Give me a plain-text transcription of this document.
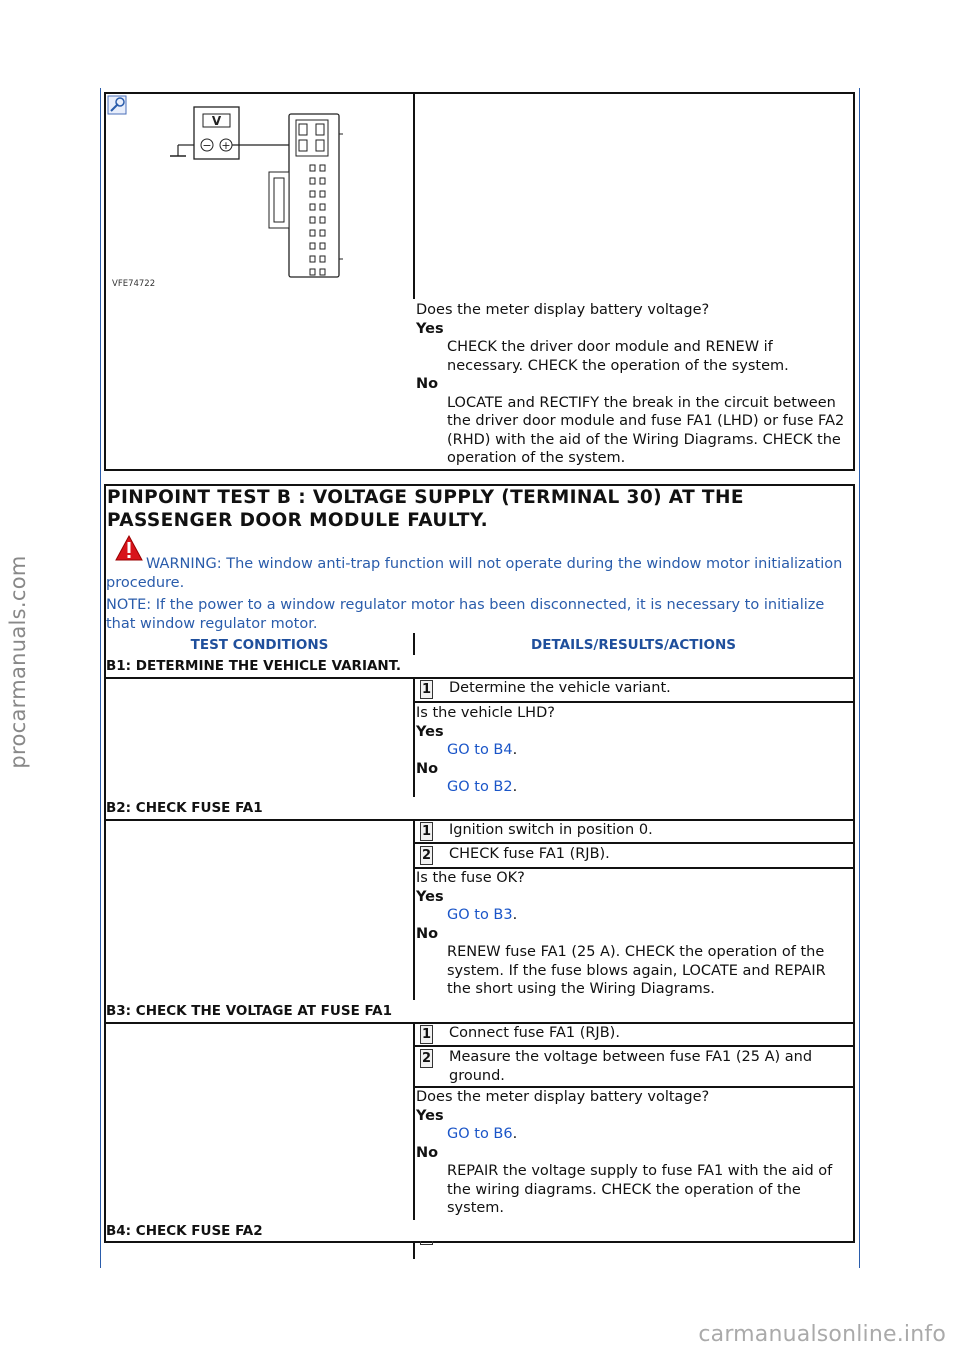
procarmanuals.com
carmanualsonline.info
V
− +
VFE74722
Does the meter display battery voltage?
Yes
CHECK the driver door module and RENEW if necessary. CHECK the operation of the system.
No
LOCATE and RECTIFY the break in the circuit between the driver door module and fuse FA1 (LHD) or fuse FA2 (RHD) with the aid of the Wiring Diagrams. CHECK the operation of the system.
PINPOINT TEST B : VOLTAGE SUPPLY (TERMINAL 30) AT THE PASSENGER DOOR MODULE FAULTY.
WARNING: The window anti-trap function will not operate during the window motor initialization procedure.
NOTE: If the power to a window regulator motor has been disconnected, it is necessary to initialize that window regulator motor.
TEST CONDITIONS	DETAILS/RESULTS/ACTIONS
B1: DETERMINE THE VEHICLE VARIANT.
1 Determine the vehicle variant.
Is the vehicle LHD?
Yes
GO to B4.
No
GO to B2.
B2: CHECK FUSE FA1
1 Ignition switch in position 0.
2 CHECK fuse FA1 (RJB).
Is the fuse OK?
Yes
GO to B3.
No
RENEW fuse FA1 (25 A). CHECK the operation of the system. If the fuse blows again, LOCATE and REPAIR the short using the Wiring Diagrams.
B3: CHECK THE VOLTAGE AT FUSE FA1
1 Connect fuse FA1 (RJB).
2 Measure the voltage between fuse FA1 (25 A) and ground.
Does the meter display battery voltage?
Yes
GO to B6.
No
REPAIR the voltage supply to fuse FA1 with the aid of the wiring diagrams. CHECK the operation of the system.
B4: CHECK FUSE FA2
